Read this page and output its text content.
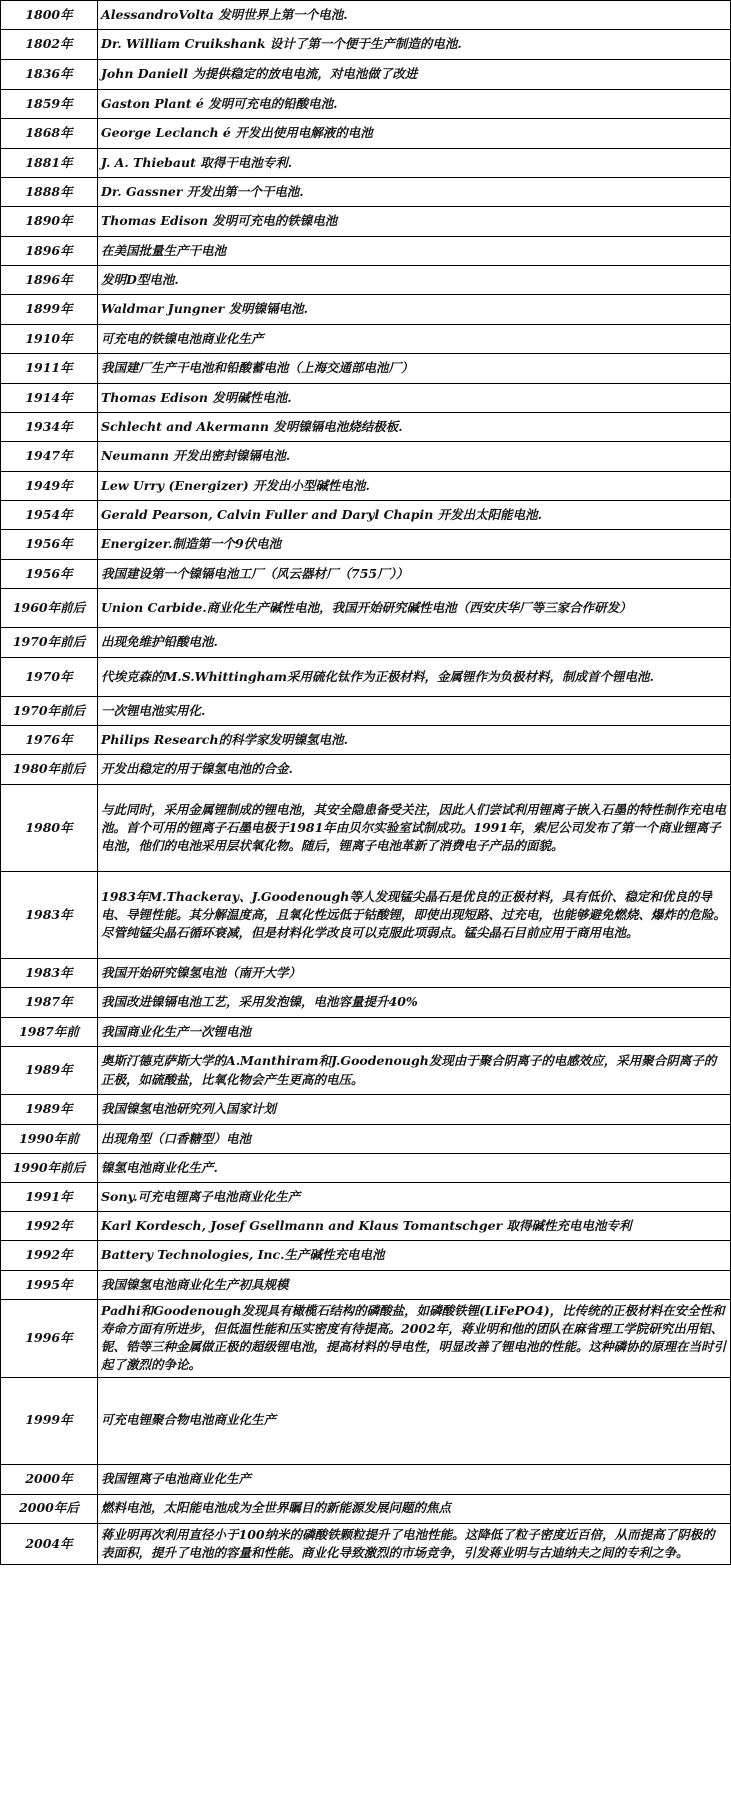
1800年	AlessandroVolta 发明世界上第一个电池.
1802年	Dr. William Cruikshank 设计了第一个便于生产制造的电池.
1836年	John Daniell 为提供稳定的放电电流，对电池做了改进
1859年	Gaston Plant é 发明可充电的铅酸电池.
1868年	George Leclanch é 开发出使用电解液的电池
1881年	J. A. Thiebaut 取得干电池专利.
1888年	Dr. Gassner 开发出第一个干电池.
1890年	Thomas Edison 发明可充电的铁镍电池
1896年	在美国批量生产干电池
1896年	发明D型电池.
1899年	Waldmar Jungner 发明镍镉电池.
1910年	可充电的铁镍电池商业化生产
1911年	我国建厂生产干电池和铅酸蓄电池（上海交通部电池厂）
1914年	Thomas Edison 发明碱性电池.
1934年	Schlecht and Akermann 发明镍镉电池烧结极板.
1947年	Neumann 开发出密封镍镉电池.
1949年	Lew Urry (Energizer) 开发出小型碱性电池.
1954年	Gerald Pearson, Calvin Fuller and Daryl Chapin 开发出太阳能电池.
1956年	Energizer.制造第一个9伏电池
1956年	我国建设第一个镍镉电池工厂（风云器材厂（755厂））
1960年前后	Union Carbide.商业化生产碱性电池，我国开始研究碱性电池（西安庆华厂等三家合作研发）
1970年前后	出现免维护铅酸电池.
1970年	代埃克森的M.S.Whittingham采用硫化钛作为正极材料，金属锂作为负极材料，制成首个锂电池.
1970年前后	一次锂电池实用化.
1976年	Philips Research的科学家发明镍氢电池.
1980年前后	开发出稳定的用于镍氢电池的合金.
1980年	与此同时，采用金属锂制成的锂电池，其安全隐患备受关注，因此人们尝试利用锂离子嵌入石墨的特性制作充电电池。首个可用的锂离子石墨电极于1981年由贝尔实验室试制成功。1991年，索尼公司发布了第一个商业锂离子电池，他们的电池采用层状氧化物。随后，锂离子电池革新了消费电子产品的面貌。
1983年	1983年M.Thackeray、J.Goodenough等人发现锰尖晶石是优良的正极材料，具有低价、稳定和优良的导电、导锂性能。其分解温度高，且氧化性远低于钴酸锂，即使出现短路、过充电，也能够避免燃烧、爆炸的危险。尽管纯锰尖晶石循环衰减，但是材料化学改良可以克服此项弱点。锰尖晶石目前应用于商用电池。
1983年	我国开始研究镍氢电池（南开大学）
1987年	我国改进镍镉电池工艺，采用发泡镍，电池容量提升40%
1987年前	我国商业化生产一次锂电池
1989年	奥斯汀德克萨斯大学的A.Manthiram和J.Goodenough发现由于聚合阴离子的电感效应，采用聚合阴离子的正极，如硫酸盐，比氧化物会产生更高的电压。
1989年	我国镍氢电池研究列入国家计划
1990年前	出现角型（口香糖型）电池
1990年前后	镍氢电池商业化生产.
1991年	Sony.可充电锂离子电池商业化生产
1992年	Karl Kordesch, Josef Gsellmann and Klaus Tomantschger 取得碱性充电电池专利
1992年	Battery Technologies, Inc.生产碱性充电电池
1995年	我国镍氢电池商业化生产初具规模
1996年	Padhi和Goodenough发现具有橄榄石结构的磷酸盐，如磷酸铁锂(LiFePO4)，比传统的正极材料在安全性和寿命方面有所进步，但低温性能和压实密度有待提高。2002年，蒋业明和他的团队在麻省理工学院研究出用铝、铌、锆等三种金属做正极的超级锂电池，提高材料的导电性，明显改善了锂电池的性能。这种磷协的原理在当时引起了激烈的争论。
1999年	可充电锂聚合物电池商业化生产
2000年	我国锂离子电池商业化生产
2000年后	燃料电池，太阳能电池成为全世界瞩目的新能源发展问题的焦点
2004年	蒋业明再次利用直径小于100纳米的磷酸铁颗粒提升了电池性能。这降低了粒子密度近百倍，从而提高了阴极的表面积，提升了电池的容量和性能。商业化导致激烈的市场竞争，引发蒋业明与古迪纳夫之间的专利之争。
